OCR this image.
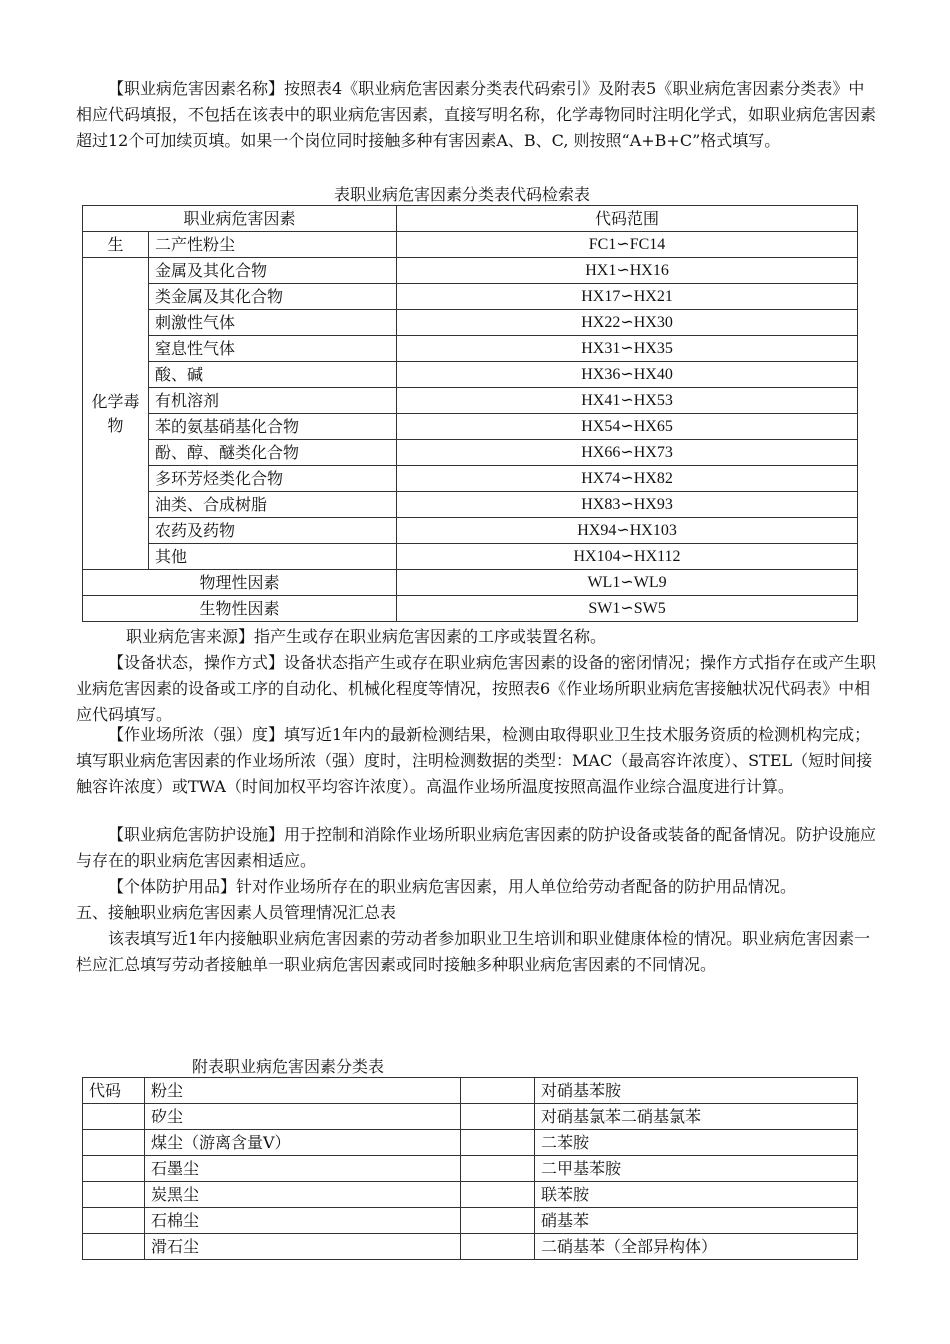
【职业病危害因素名称】按照表4《职业病危害因素分类表代码索引》及附表5《职业病危害因素分类表》中相应代码填报，不包括在该表中的职业病危害因素，直接写明名称，化学毒物同时注明化学式，如职业病危害因素超过12个可加续页填。如果一个岗位同时接触多种有害因素A、B、C, 则按照“A+B+C”格式填写。

表职业病危害因素分类表代码检索表
职业病危害因素		代码范围
生	⼆产性粉尘	FC1∽FC14
化学毒物	金属及其化合物	HX1∽HX16
	类金属及其化合物	HX17∽HX21
	刺激性气体	HX22∽HX30
	窒息性气体	HX31∽HX35
	酸、碱	HX36∽HX40
	有机溶剂	HX41∽HX53
	苯的氨基硝基化合物	HX54∽HX65
	酚、醇、醚类化合物	HX66∽HX73
	多环芳烃类化合物	HX74∽HX82
	油类、合成树脂	HX83∽HX93
	农药及药物	HX94∽HX103
	其他	HX104∽HX112
物理性因素		WL1∽WL9
生物性因素		SW1∽SW5

职业病危害来源】指产生或存在职业病危害因素的工序或装置名称。

【设备状态，操作方式】设备状态指产生或存在职业病危害因素的设备的密闭情况；操作方式指存在或产生职业病危害因素的设备或工序的自动化、机械化程度等情况，按照表6《作业场所职业病危害接触状况代码表》中相应代码填写。

【作业场所浓（强）度】填写近1年内的最新检测结果，检测由取得职业卫生技术服务资质的检测机构完成；填写职业病危害因素的作业场所浓（强）度时，注明检测数据的类型：MAC（最高容许浓度）、STEL（短时间接触容许浓度）或TWA（时间加权平均容许浓度）。高温作业场所温度按照高温作业综合温度进行计算。

【职业病危害防护设施】用于控制和消除作业场所职业病危害因素的防护设备或装备的配备情况。防护设施应与存在的职业病危害因素相适应。

【个体防护用品】针对作业场所存在的职业病危害因素，用人单位给劳动者配备的防护用品情况。

五、接触职业病危害因素人员管理情况汇总表

该表填写近1年内接触职业病危害因素的劳动者参加职业卫生培训和职业健康体检的情况。职业病危害因素一栏应汇总填写劳动者接触单一职业病危害因素或同时接触多种职业病危害因素的不同情况。

附表职业病危害因素分类表
代码	粉尘		对硝基苯胺
	矽尘		对硝基氯苯二硝基氯苯
	煤尘（游离含量Ⅴ）		二苯胺
	石墨尘		二甲基苯胺
	炭黑尘		联苯胺
	石棉尘		硝基苯
	滑石尘		二硝基苯（全部异构体）
